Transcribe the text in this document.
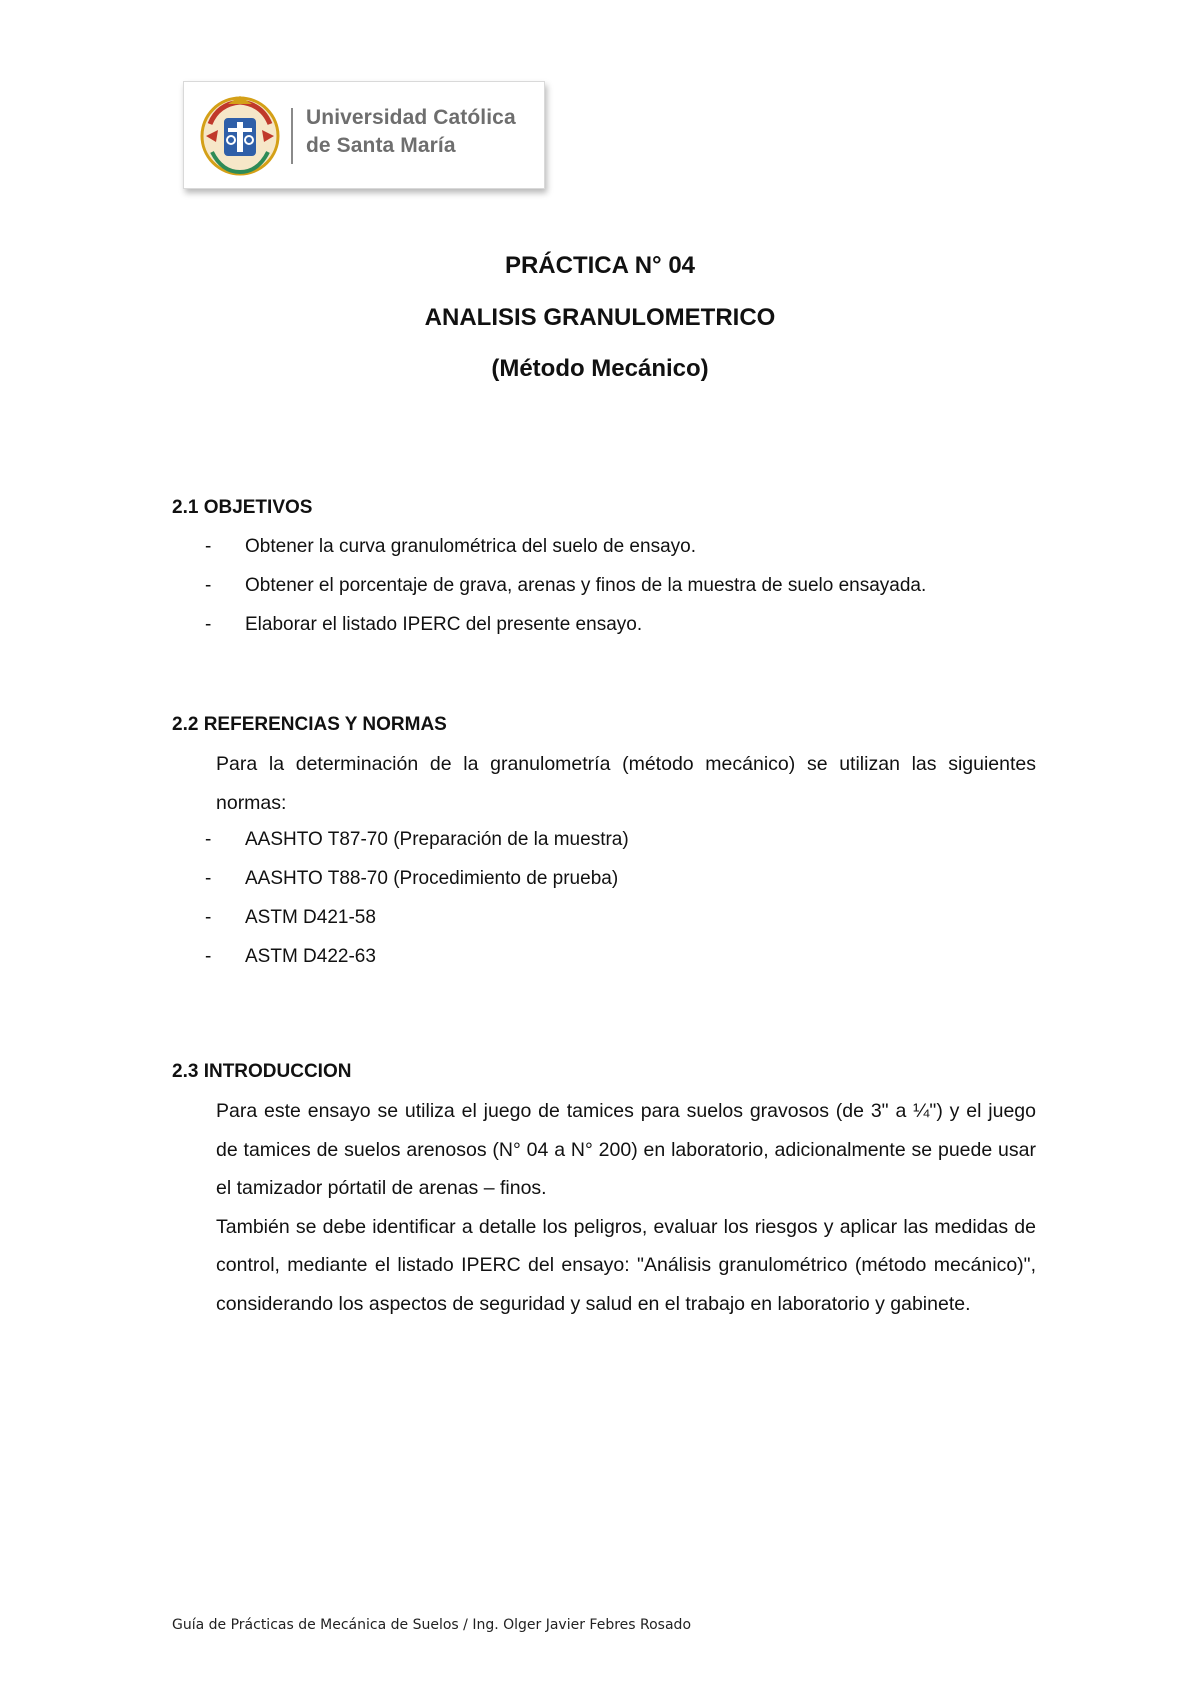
Universidad Católica
de Santa María
PRÁCTICA N° 04
ANALISIS GRANULOMETRICO
(Método Mecánico)
2.1 OBJETIVOS
- Obtener la curva granulométrica del suelo de ensayo.
- Obtener el porcentaje de grava, arenas y finos de la muestra de suelo ensayada.
- Elaborar el listado IPERC del presente ensayo.
2.2 REFERENCIAS Y NORMAS

Para la determinación de la granulometría (método mecánico) se utilizan las siguientes normas:

- AASHTO T87-70 (Preparación de la muestra)
- AASHTO T88-70 (Procedimiento de prueba)
- ASTM D421-58
- ASTM D422-63
2.3 INTRODUCCION

Para este ensayo se utiliza el juego de tamices para suelos gravosos (de 3" a ¼") y el juego de tamices de suelos arenosos (N° 04 a N° 200) en laboratorio, adicionalmente se puede usar el tamizador pórtatil de arenas – finos.

También se debe identificar a detalle los peligros, evaluar los riesgos y aplicar las medidas de control, mediante el listado IPERC del ensayo: "Análisis granulométrico (método mecánico)", considerando los aspectos de seguridad y salud en el trabajo en laboratorio y gabinete.

Guía de Prácticas de Mecánica de Suelos / Ing. Olger Javier Febres Rosado
